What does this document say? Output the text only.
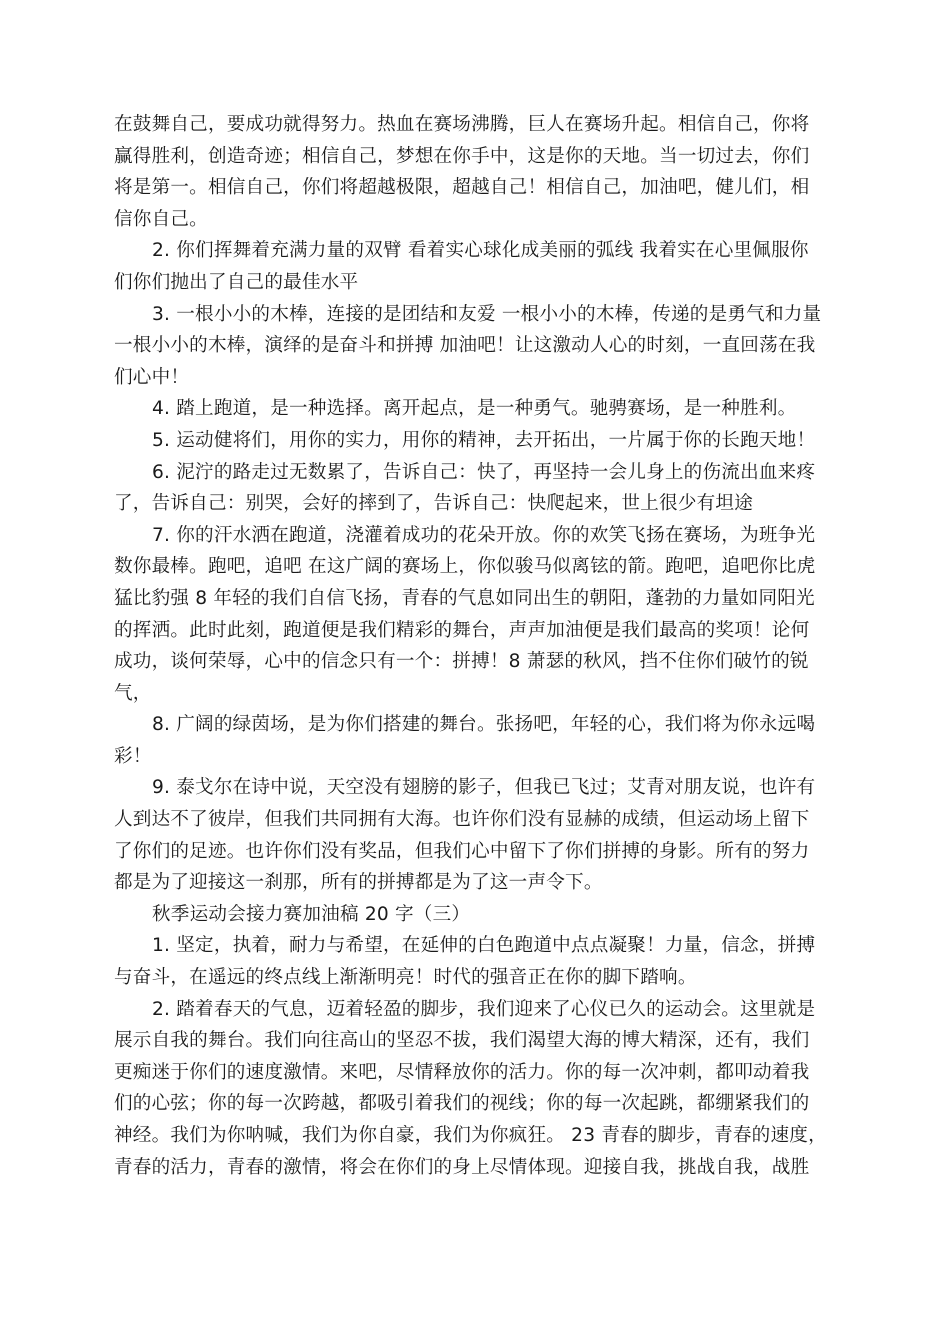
在鼓舞自己，要成功就得努力。热血在赛场沸腾，巨人在赛场升起。相信自己，你将
赢得胜利，创造奇迹；相信自己，梦想在你手中，这是你的天地。当一切过去，你们
将是第一。相信自己，你们将超越极限，超越自己！相信自己，加油吧，健儿们，相
信你自己。
2. 你们挥舞着充满力量的双臂 看着实心球化成美丽的弧线 我着实在心里佩服你
们你们抛出了自己的最佳水平
3. 一根小小的木棒，连接的是团结和友爱 一根小小的木棒，传递的是勇气和力量
一根小小的木棒，演绎的是奋斗和拼搏 加油吧！让这激动人心的时刻，一直回荡在我
们心中！
4. 踏上跑道，是一种选择。离开起点，是一种勇气。驰骋赛场，是一种胜利。
5. 运动健将们，用你的实力，用你的精神，去开拓出，一片属于你的长跑天地！
6. 泥泞的路走过无数累了，告诉自己：快了，再坚持一会儿身上的伤流出血来疼
了，告诉自己：别哭，会好的摔到了，告诉自己：快爬起来，世上很少有坦途
7. 你的汗水洒在跑道，浇灌着成功的花朵开放。你的欢笑飞扬在赛场，为班争光
数你最棒。跑吧，追吧 在这广阔的赛场上，你似骏马似离铉的箭。跑吧，追吧你比虎
猛比豹强 8 年轻的我们自信飞扬，青春的气息如同出生的朝阳，蓬勃的力量如同阳光
的挥洒。此时此刻，跑道便是我们精彩的舞台，声声加油便是我们最高的奖项！论何
成功，谈何荣辱，心中的信念只有一个：拼搏！8 萧瑟的秋风，挡不住你们破竹的锐
气，
8. 广阔的绿茵场，是为你们搭建的舞台。张扬吧，年轻的心，我们将为你永远喝
彩！
9. 泰戈尔在诗中说，天空没有翅膀的影子，但我已飞过；艾青对朋友说，也许有
人到达不了彼岸，但我们共同拥有大海。也许你们没有显赫的成绩，但运动场上留下
了你们的足迹。也许你们没有奖品，但我们心中留下了你们拼搏的身影。所有的努力
都是为了迎接这一刹那，所有的拼搏都是为了这一声令下。
秋季运动会接力赛加油稿 20 字（三）
1. 坚定，执着，耐力与希望，在延伸的白色跑道中点点凝聚！力量，信念，拼搏
与奋斗，在遥远的终点线上渐渐明亮！时代的强音正在你的脚下踏响。
2. 踏着春天的气息，迈着轻盈的脚步，我们迎来了心仪已久的运动会。这里就是
展示自我的舞台。我们向往高山的坚忍不拔，我们渴望大海的博大精深，还有，我们
更痴迷于你们的速度激情。来吧，尽情释放你的活力。你的每一次冲刺，都叩动着我
们的心弦；你的每一次跨越，都吸引着我们的视线；你的每一次起跳，都绷紧我们的
神经。我们为你呐喊，我们为你自豪，我们为你疯狂。 23 青春的脚步，青春的速度，
青春的活力，青春的激情，将会在你们的身上尽情体现。迎接自我，挑战自我，战胜
